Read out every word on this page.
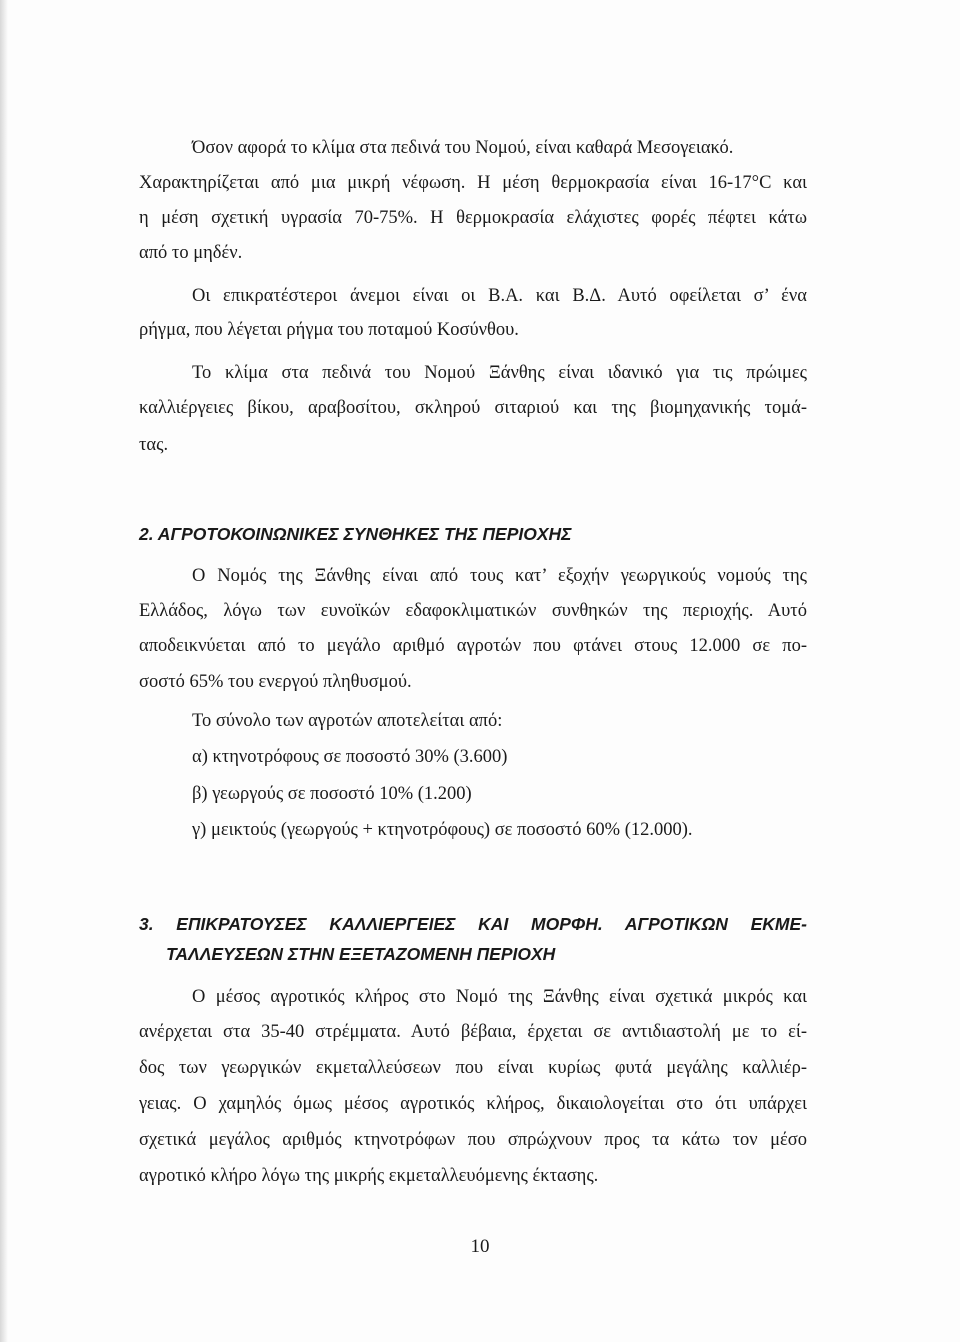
Όσον αφορά το κλίμα στα πεδινά του Νομού, είναι καθαρά Μεσογειακό.
Χαρακτηρίζεται από μια μικρή νέφωση. Η μέση θερμοκρασία είναι 16-17°C και
η μέση σχετική υγρασία 70-75%. Η θερμοκρασία ελάχιστες φορές πέφτει κάτω
από το μηδέν.
Οι επικρατέστεροι άνεμοι είναι οι Β.Α. και Β.Δ. Αυτό οφείλεται σ’ ένα
ρήγμα, που λέγεται ρήγμα του ποταμού Κοσύνθου.
Το κλίμα στα πεδινά του Νομού Ξάνθης είναι ιδανικό για τις πρώιμες
καλλιέργειες βίκου, αραβοσίτου, σκληρού σιταριού και της βιομηχανικής τομά-
τας.
2. ΑΓΡΟΤΟΚΟΙΝΩΝΙΚΕΣ ΣΥΝΘΗΚΕΣ ΤΗΣ ΠΕΡΙΟΧΗΣ
Ο Νομός της Ξάνθης είναι από τους κατ’ εξοχήν γεωργικούς νομούς της
Ελλάδος, λόγω των ευνοϊκών εδαφοκλιματικών συνθηκών της περιοχής. Αυτό
αποδεικνύεται από το μεγάλο αριθμό αγροτών που φτάνει στους 12.000 σε πο-
σοστό 65% του ενεργού πληθυσμού.
Το σύνολο των αγροτών αποτελείται από:
α) κτηνοτρόφους σε ποσοστό 30% (3.600)
β) γεωργούς σε ποσοστό 10% (1.200)
γ) μεικτούς (γεωργούς + κτηνοτρόφους) σε ποσοστό 60% (12.000).
3. ΕΠΙΚΡΑΤΟΥΣΕΣ ΚΑΛΛΙΕΡΓΕΙΕΣ ΚΑΙ ΜΟΡΦΗ. ΑΓΡΟΤΙΚΩΝ ΕΚΜΕ-
ΤΑΛΛΕΥΣΕΩΝ ΣΤΗΝ ΕΞΕΤΑΖΟΜΕΝΗ ΠΕΡΙΟΧΗ
Ο μέσος αγροτικός κλήρος στο Νομό της Ξάνθης είναι σχετικά μικρός και
ανέρχεται στα 35-40 στρέμματα. Αυτό βέβαια, έρχεται σε αντιδιαστολή με το εί-
δος των γεωργικών εκμεταλλεύσεων που είναι κυρίως φυτά μεγάλης καλλιέρ-
γειας. Ο χαμηλός όμως μέσος αγροτικός κλήρος, δικαιολογείται στο ότι υπάρχει
σχετικά μεγάλος αριθμός κτηνοτρόφων που σπρώχνουν προς τα κάτω τον μέσο
αγροτικό κλήρο λόγω της μικρής εκμεταλλευόμενης έκτασης.
10
